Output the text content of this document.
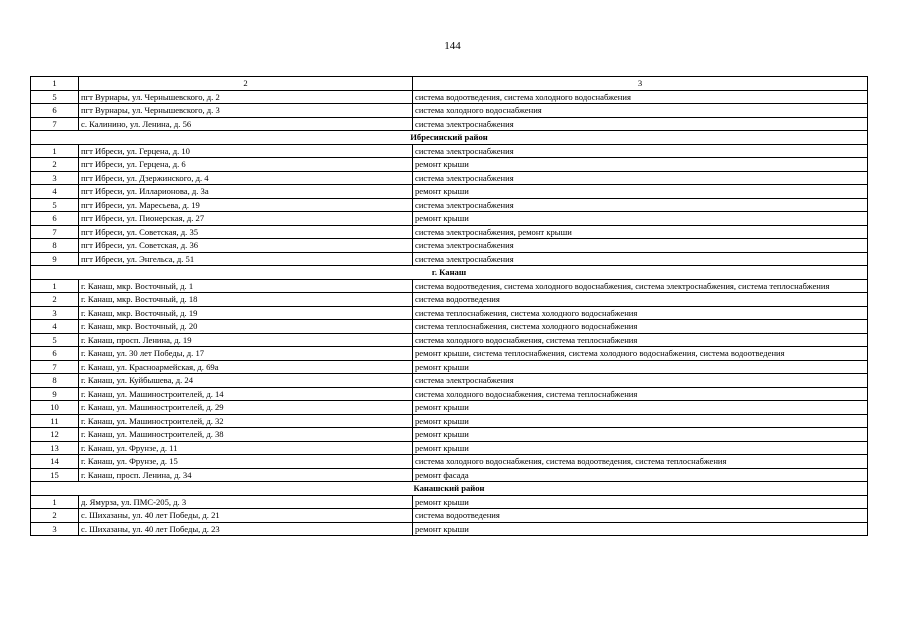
144
1	2	3
5	пгт Вурнары, ул. Чернышевского, д. 2	система водоотведения, система холодного водоснабжения
6	пгт Вурнары, ул. Чернышевского, д. 3	система холодного водоснабжения
7	с. Калинино, ул. Ленина, д. 56	система электроснабжения
Ибресинский район		
1	пгт Ибреси, ул. Герцена, д. 10	система электроснабжения
2	пгт Ибреси, ул. Герцена, д. 6	ремонт крыши
3	пгт Ибреси, ул. Дзержинского, д. 4	система электроснабжения
4	пгт Ибреси, ул. Илларионова, д. 3а	ремонт крыши
5	пгт Ибреси, ул. Маресьева, д. 19	система электроснабжения
6	пгт Ибреси, ул. Пионерская, д. 27	ремонт крыши
7	пгт Ибреси, ул. Советская, д. 35	система электроснабжения, ремонт крыши
8	пгт Ибреси, ул. Советская, д. 36	система электроснабжения
9	пгт Ибреси, ул. Энгельса, д. 51	система электроснабжения
г. Канаш		
1	г. Канаш, мкр. Восточный, д. 1	система водоотведения, система холодного водоснабжения, система электроснабжения, система теплоснабжения
2	г. Канаш, мкр. Восточный, д. 18	система водоотведения
3	г. Канаш, мкр. Восточный, д. 19	система теплоснабжения, система холодного водоснабжения
4	г. Канаш, мкр. Восточный, д. 20	система теплоснабжения, система холодного водоснабжения
5	г. Канаш, просп. Ленина, д. 19	система холодного водоснабжения, система теплоснабжения
6	г. Канаш, ул. 30 лет Победы, д. 17	ремонт крыши, система теплоснабжения, система холодного водоснабжения, система водоотведения
7	г. Канаш, ул. Красноармейская, д. 69а	ремонт крыши
8	г. Канаш, ул. Куйбышева, д. 24	система электроснабжения
9	г. Канаш, ул. Машиностроителей, д. 14	система холодного водоснабжения, система теплоснабжения
10	г. Канаш, ул. Машиностроителей, д. 29	ремонт крыши
11	г. Канаш, ул. Машиностроителей, д. 32	ремонт крыши
12	г. Канаш, ул. Машиностроителей, д. 38	ремонт крыши
13	г. Канаш, ул. Фрунзе, д. 11	ремонт крыши
14	г. Канаш, ул. Фрунзе, д. 15	система холодного водоснабжения, система водоотведения, система теплоснабжения
15	г. Канаш, просп. Ленина, д. 34	ремонт фасада
Канашский район		
1	д. Ямурза, ул. ПМС-205, д. 3	ремонт крыши
2	с. Шихазаны, ул. 40 лет Победы, д. 21	система водоотведения
3	с. Шихазаны, ул. 40 лет Победы, д. 23	ремонт крыши
